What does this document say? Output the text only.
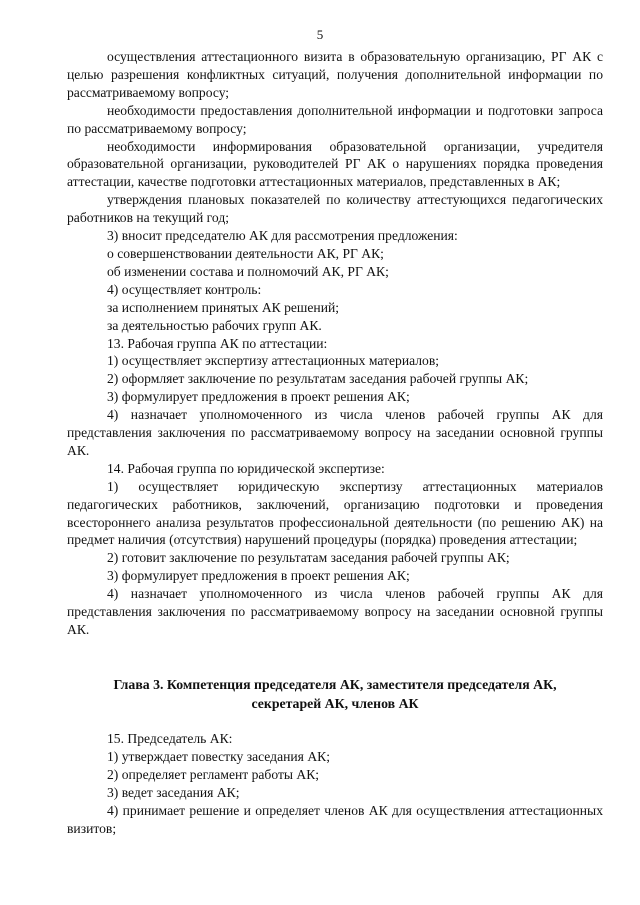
5

осуществления аттестационного визита в образовательную организацию, РГ АК с целью разрешения конфликтных ситуаций, получения дополнительной информации по рассматриваемому вопросу;

необходимости предоставления дополнительной информации и подготовки запроса по рассматриваемому вопросу;

необходимости информирования образовательной организации, учредителя образовательной организации, руководителей РГ АК о нарушениях порядка проведения аттестации, качестве подготовки аттестационных материалов, представленных в АК;

утверждения плановых показателей по количеству аттестующихся педагогических работников на текущий год;

3) вносит председателю АК для рассмотрения предложения:

о совершенствовании деятельности АК, РГ АК;

об изменении состава и полномочий АК, РГ АК;

4) осуществляет контроль:

за исполнением принятых АК решений;

за деятельностью рабочих групп АК.

13. Рабочая группа АК по аттестации:

1) осуществляет экспертизу аттестационных материалов;

2) оформляет заключение по результатам заседания рабочей группы АК;

3) формулирует предложения в проект решения АК;

4) назначает уполномоченного из числа членов рабочей группы АК для представления заключения по рассматриваемому вопросу на заседании основной группы АК.

14. Рабочая группа по юридической экспертизе:

1) осуществляет юридическую экспертизу аттестационных материалов педагогических работников, заключений, организацию подготовки и проведения всестороннего анализа результатов профессиональной деятельности (по решению АК) на предмет наличия (отсутствия) нарушений процедуры (порядка) проведения аттестации;

2) готовит заключение по результатам заседания рабочей группы АК;

3) формулирует предложения в проект решения АК;

4) назначает уполномоченного из числа членов рабочей группы АК для представления заключения по рассматриваемому вопросу на заседании основной группы АК.

Глава 3. Компетенция председателя АК, заместителя председателя АК,
секретарей АК, членов АК

15. Председатель АК:

1) утверждает повестку заседания АК;

2) определяет регламент работы АК;

3) ведет заседания АК;

4) принимает решение и определяет членов АК для осуществления аттестационных визитов;
